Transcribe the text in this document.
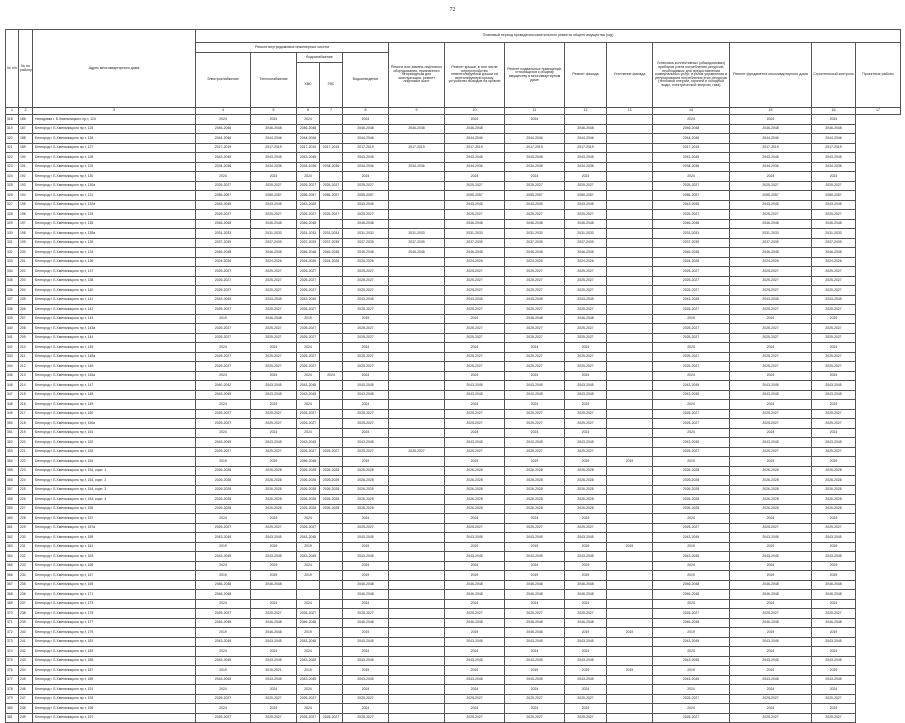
72
№ п/п	№ по району	Адрес многоквартирного дома	Плановый период проведения капитального ремонта общего имущества (год)													
			Ремонт внутридомовых инженерных систем					Ремонт или замена лифтового оборудования, признанного непригодным для эксплуатации, ремонт лифтовых шахт	Ремонт крыши, в том числе переустройство невентилируемой крыши на вентилируемую крышу, устройство выходов на кровлю	Ремонт подвальных помещений, относящихся к общему имуществу в многоквартирном доме	Ремонт фасада	Утепление фасада	Установка коллективных (общедомовых) приборов учета потребления ресурсов, необходимых для предоставления коммунальных услуг, и узлов управления и регулирования потребления этих ресурсов (тепловой энергии, горячей и холодной воды, электрической энергии, газа)	Ремонт фундамента многоквартирного дома	Строительный контроль	Проектные работы
			Электроснабжение	Теплоснабжение	Водоснабжение		Водоотведение									
					ХВС	ГВС										
1	2	3	4	5	6	7	8	9	10	11	12	13	14	15	16	17
318	186	Нелидовка г. Б.Хмельницкого пр-т, 124	2024	2024	2024		2024		2024	2024			2024	2024	2024	
319	187	Белгород г. Б.Хмельницкого пр-т, 125	2045-2046	2046-2048	2046-2048		2046-2048	2046-2048	2046-2048		2046-2048		2046-2048	2046-2048	2046-2048	
320	188	Белгород г. Б.Хмельницкого пр-т, 126	2044-2046	2044-2046	2044-2046		2044-2046		2044-2046	2044-2046	2044-2046		2044-2046	2044-2046	2044-2046	
321	189	Белгород г. Б.Хмельницкого пр-т, 127	2017-2019	2017-2019	2017-2019	2017-2019	2017-2019	2017-2019	2017-2019	2017-2019	2017-2019		2017-2019	2017-2019	2017-2019	
322	190	Белгород г. Б.Хмельницкого пр-т, 128	2043-2045	2043-2045	2043-2045		2043-2045		2043-2045	2043-2045	2043-2045		2043-2045	2043-2045	2043-2045	
323	191	Белгород г. Б.Хмельницкого пр-т, 129	2034-2036	2034-2036	2034-2036	2034-2036	2034-2036	2034-2036	2034-2036	2034-2036	2034-2036		2034-2036	2034-2036	2034-2036	
324	192	Белгород г. Б.Хмельницкого пр-т, 130	2024	2024	2024		2024		2024	2024	2024		2024	2024	2024	
325	193	Белгород г. Б.Хмельницкого пр-т, 130а	2025-2027	2025-2027	2025-2027	2025-2027	2025-2027		2025-2027	2025-2027	2025-2027		2025-2027	2025-2027	2025-2027	
326	194	Белгород г. Б.Хмельницкого пр-т, 131	2055-2057	2055-2057	2055-2057	2055-2057	2055-2057		2055-2057	2055-2057	2055-2057		2055-2057	2055-2057	2055-2057	
327	195	Белгород г. Б.Хмельницкого пр-т, 132а	2043-2045	2043-2045	2043-2045		2043-2045		2043-2045	2043-2045	2043-2045		2043-2045	2043-2045	2043-2045	
328	196	Белгород г. Б.Хмельницкого пр-т, 133	2025-2027	2025-2027	2025-2027	2025-2027	2025-2027		2025-2027	2025-2027	2025-2027		2025-2027	2025-2027	2025-2027	
329	197	Белгород г. Б.Хмельницкого пр-т, 135	2046-2048	2046-2048	2046-2048		2046-2048		2046-2048	2046-2048	2046-2048		2046-2048	2046-2048	2046-2048	
330	198	Белгород г. Б.Хмельницкого пр-т, 135а	2031-2033	2031-2033	2031-2033	2031-2033	2031-2033	2031-2033	2031-2033	2031-2033	2031-2033		2031-2033	2031-2033	2031-2033	
331	199	Белгород г. Б.Хмельницкого пр-т, 139	2037-2039	2037-2039	2037-2039	2037-2039	2037-2039	2037-2039	2037-2039	2037-2039	2037-2039		2037-2039	2037-2039	2037-2039	
332	200	Белгород г. Б.Хмельницкого пр-т, 134	2046-2048	2046-2048	2046-2048	2046-2048	2046-2048	2046-2048	2046-2048	2046-2048	2046-2048		2046-2048	2046-2048	2046-2048	
333	201	Белгород г. Б.Хмельницкого пр-т, 136	2024-2026	2024-2026	2024-2026	2024-2026	2024-2026		2024-2026	2024-2026	2024-2026		2024-2026	2024-2026	2024-2026	
334	202	Белгород г. Б.Хмельницкого пр-т, 137	2025-2027	2025-2027	2025-2027		2025-2027		2025-2027	2025-2027	2025-2027		2025-2027	2025-2027	2025-2027	
335	203	Белгород г. Б.Хмельницкого пр-т, 138	2025-2027	2025-2027	2025-2027		2025-2027		2025-2027	2025-2027	2025-2027		2025-2027	2025-2027	2025-2027	
336	204	Белгород г. Б.Хмельницкого пр-т, 140	2025-2027	2025-2027	2025-2027		2025-2027		2025-2027	2025-2027	2025-2027		2025-2027	2025-2027	2025-2027	
337	205	Белгород г. Б.Хмельницкого пр-т, 141	2043-2045	2043-2045	2043-2045		2043-2045		2043-2045	2043-2045	2043-2045		2043-2045	2043-2045	2043-2045	
338	206	Белгород г. Б.Хмельницкого пр-т, 142	2025-2027	2025-2027	2025-2027		2025-2027		2025-2027	2025-2027	2025-2027		2025-2027	2025-2027	2025-2027	
339	207	Белгород г. Б.Хмельницкого пр-т, 143	2019	2046-2048	2019		2019		2019	2046-2048	2046-2048		2019	2019	2019	
340	208	Белгород г. Б.Хмельницкого пр-т, 143а	2025-2027	2025-2027	2025-2027		2025-2027		2025-2027	2025-2027	2025-2027		2025-2027	2025-2027	2025-2027	
341	209	Белгород г. Б.Хмельницкого пр-т, 144	2025-2027	2025-2027	2025-2027		2025-2027		2025-2027	2025-2027	2025-2027		2025-2027	2025-2027	2025-2027	
342	210	Белгород г. Б.Хмельницкого пр-т, 145	2024	2024	2024		2024		2024	2024	2024		2024	2024	2024	
343	211	Белгород г. Б.Хмельницкого пр-т, 145а	2025-2027	2025-2027	2025-2027		2025-2027		2025-2027	2025-2027	2025-2027		2025-2027	2025-2027	2025-2027	
344	212	Белгород г. Б.Хмельницкого пр-т, 146	2025-2027	2025-2027	2025-2027		2025-2027		2025-2027	2025-2027	2025-2027		2025-2027	2025-2027	2025-2027	
345	213	Белгород г. Б.Хмельницкого пр-т, 146а	2024	2024	2024	2024	2024		2024	2024	2024		2024	2024	2024	
346	214	Белгород г. Б.Хмельницкого пр-т, 147	2040-2042	2043-2045	2043-2045		2043-2045		2043-2045	2043-2045	2043-2045		2043-2045	2043-2045	2043-2045	
347	215	Белгород г. Б.Хмельницкого пр-т, 148	2043-2045	2043-2045	2043-2045		2043-2045		2043-2045	2043-2045	2043-2045		2043-2045	2043-2045	2043-2045	
348	216	Белгород г. Б.Хмельницкого пр-т, 149	2024	2024	2024		2024		2024	2024	2024		2024	2024	2024	
349	217	Белгород г. Б.Хмельницкого пр-т, 150	2025-2027	2025-2027	2025-2027		2025-2027		2025-2027	2025-2027	2025-2027		2025-2027	2025-2027	2025-2027	
350	218	Белгород г. Б.Хмельницкого пр-т, 150а	2025-2027	2025-2027	2025-2027		2025-2027		2025-2027	2025-2027	2025-2027		2025-2027	2025-2027	2025-2027	
351	219	Белгород г. Б.Хмельницкого пр-т, 151	2024	2024	2024		2024		2024	2024	2024		2024	2024	2024	
352	220	Белгород г. Б.Хмельницкого пр-т, 152	2043-2045	2043-2045	2043-2045		2043-2045		2043-2045	2043-2045	2043-2045		2043-2045	2043-2045	2043-2045	
353	221	Белгород г. Б.Хмельницкого пр-т, 153	2025-2027	2025-2027	2025-2027	2025-2027	2025-2027	2025-2027	2025-2027	2025-2027	2025-2027		2025-2027	2025-2027	2025-2027	
354	222	Белгород г. Б.Хмельницкого пр-т, 154	2019	2019	2046-2048		2019		2019	2019	2019	2019	2019	2019	2019	
355	223	Белгород г. Б.Хмельницкого пр-т, 154, корп. 1	2026-2028	2026-2028	2026-2028	2026-2028	2026-2028		2026-2028	2026-2028	2026-2028		2026-2028	2026-2028	2026-2028	
356	224	Белгород г. Б.Хмельницкого пр-т, 154, корп. 2	2026-2028	2026-2028	2026-2028	2026-2028	2026-2028		2026-2028	2026-2028	2026-2028		2026-2028	2026-2028	2026-2028	
357	225	Белгород г. Б.Хмельницкого пр-т, 154, корп. 3	2026-2028	2026-2028	2026-2028	2026-2028	2026-2028		2026-2028	2026-2028	2026-2028		2026-2028	2026-2028	2026-2028	
358	226	Белгород г. Б.Хмельницкого пр-т, 154, корп. 4	2026-2028	2026-2028	2026-2028	2026-2028	2026-2028		2026-2028	2026-2028	2026-2028		2026-2028	2026-2028	2026-2028	
359	227	Белгород г. Б.Хмельницкого пр-т, 155	2026-2028	2026-2028	2026-2028	2026-2028	2026-2028		2026-2028	2026-2028	2026-2028		2026-2028	2026-2028	2026-2028	
360	228	Белгород г. Б.Хмельницкого пр-т, 157	2024	2024	2024		2024		2024	2024	2024		2024	2024	2024	
361	229	Белгород г. Б.Хмельницкого пр-т, 157а	2025-2027	2025-2027	2025-2027		2025-2027		2025-2027	2025-2027	2025-2027		2025-2027	2025-2027	2025-2027	
362	230	Белгород г. Б.Хмельницкого пр-т, 159	2043-2045	2043-2045	2043-2045		2043-2045		2043-2045	2043-2045	2043-2045		2043-2045	2043-2045	2043-2045	
363	231	Белгород г. Б.Хмельницкого пр-т, 161	2019	2019	2019		2019		2019	2019	2019	2019	2019	2019	2019	
364	232	Белгород г. Б.Хмельницкого пр-т, 163	2043-2045	2043-2045	2043-2045		2043-2045		2043-2045	2043-2045	2043-2045		2043-2045	2043-2045	2043-2045	
365	233	Белгород г. Б.Хмельницкого пр-т, 165	2024	2024	2024		2024		2024	2024	2024		2024	2024	2024	
366	234	Белгород г. Б.Хмельницкого пр-т, 167	2019	2019	2019		2019		2019	2019	2019		2019	2019	2019	
367	235	Белгород г. Б.Хмельницкого пр-т, 169	2046-2048	2046-2048			2046-2048		2046-2048	2046-2048	2046-2048		2046-2048	2046-2048	2046-2048	
368	236	Белгород г. Б.Хмельницкого пр-т, 171	2046-2048				2046-2048		2046-2048	2046-2048	2046-2048		2046-2048	2046-2048	2046-2048	
369	237	Белгород г. Б.Хмельницкого пр-т, 173	2024	2024	2024		2024		2024	2024	2024		2024	2024	2024	
370	238	Белгород г. Б.Хмельницкого пр-т, 175	2025-2027	2025-2027	2025-2027		2025-2027		2025-2027	2025-2027	2025-2027		2025-2027	2025-2027	2025-2027	
371	239	Белгород г. Б.Хмельницкого пр-т, 177	2046-2048	2046-2048	2046-2048		2046-2048		2046-2048	2046-2048	2046-2048		2046-2048	2046-2048	2046-2048	
372	240	Белгород г. Б.Хмельницкого пр-т, 179	2019	2046-2048	2019		2019		2019	2046-2048	2019	2019	2019	2019	2019	
373	241	Белгород г. Б.Хмельницкого пр-т, 181	2043-2045	2043-2045	2043-2045		2043-2045		2043-2045	2043-2045	2043-2045		2043-2045	2043-2045	2043-2045	
374	242	Белгород г. Б.Хмельницкого пр-т, 183	2024	2024	2024		2024		2024	2024	2024		2024	2024	2024	
375	243	Белгород г. Б.Хмельницкого пр-т, 185	2043-2045	2043-2045	2043-2045		2043-2045		2043-2045	2043-2045	2043-2045		2043-2045	2043-2045	2043-2045	
376	244	Белгород г. Б.Хмельницкого пр-т, 187	2019	2019-2021	2019		2019		2019	2019	2019	2019	2019	2019	2019	
377	245	Белгород г. Б.Хмельницкого пр-т, 189	2043-2045	2043-2045	2043-2045		2043-2045		2043-2045	2043-2045	2043-2045		2043-2045	2043-2045	2043-2045	
378	246	Белгород г. Б.Хмельницкого пр-т, 191	2024	2024	2024		2024		2024	2024	2024		2024	2024	2024	
379	247	Белгород г. Б.Хмельницкого пр-т, 193	2025-2027	2025-2027	2025-2027		2025-2027		2025-2027	2025-2027	2025-2027		2025-2027	2025-2027	2025-2027	
380	248	Белгород г. Б.Хмельницкого пр-т, 195	2024	2024	2024		2024		2024	2024	2024		2024	2024	2024	
381	249	Белгород г. Б.Хмельницкого пр-т, 197	2025-2027	2025-2027	2025-2027	2025-2027	2025-2027		2025-2027	2025-2027	2025-2027		2025-2027	2025-2027	2025-2027	
